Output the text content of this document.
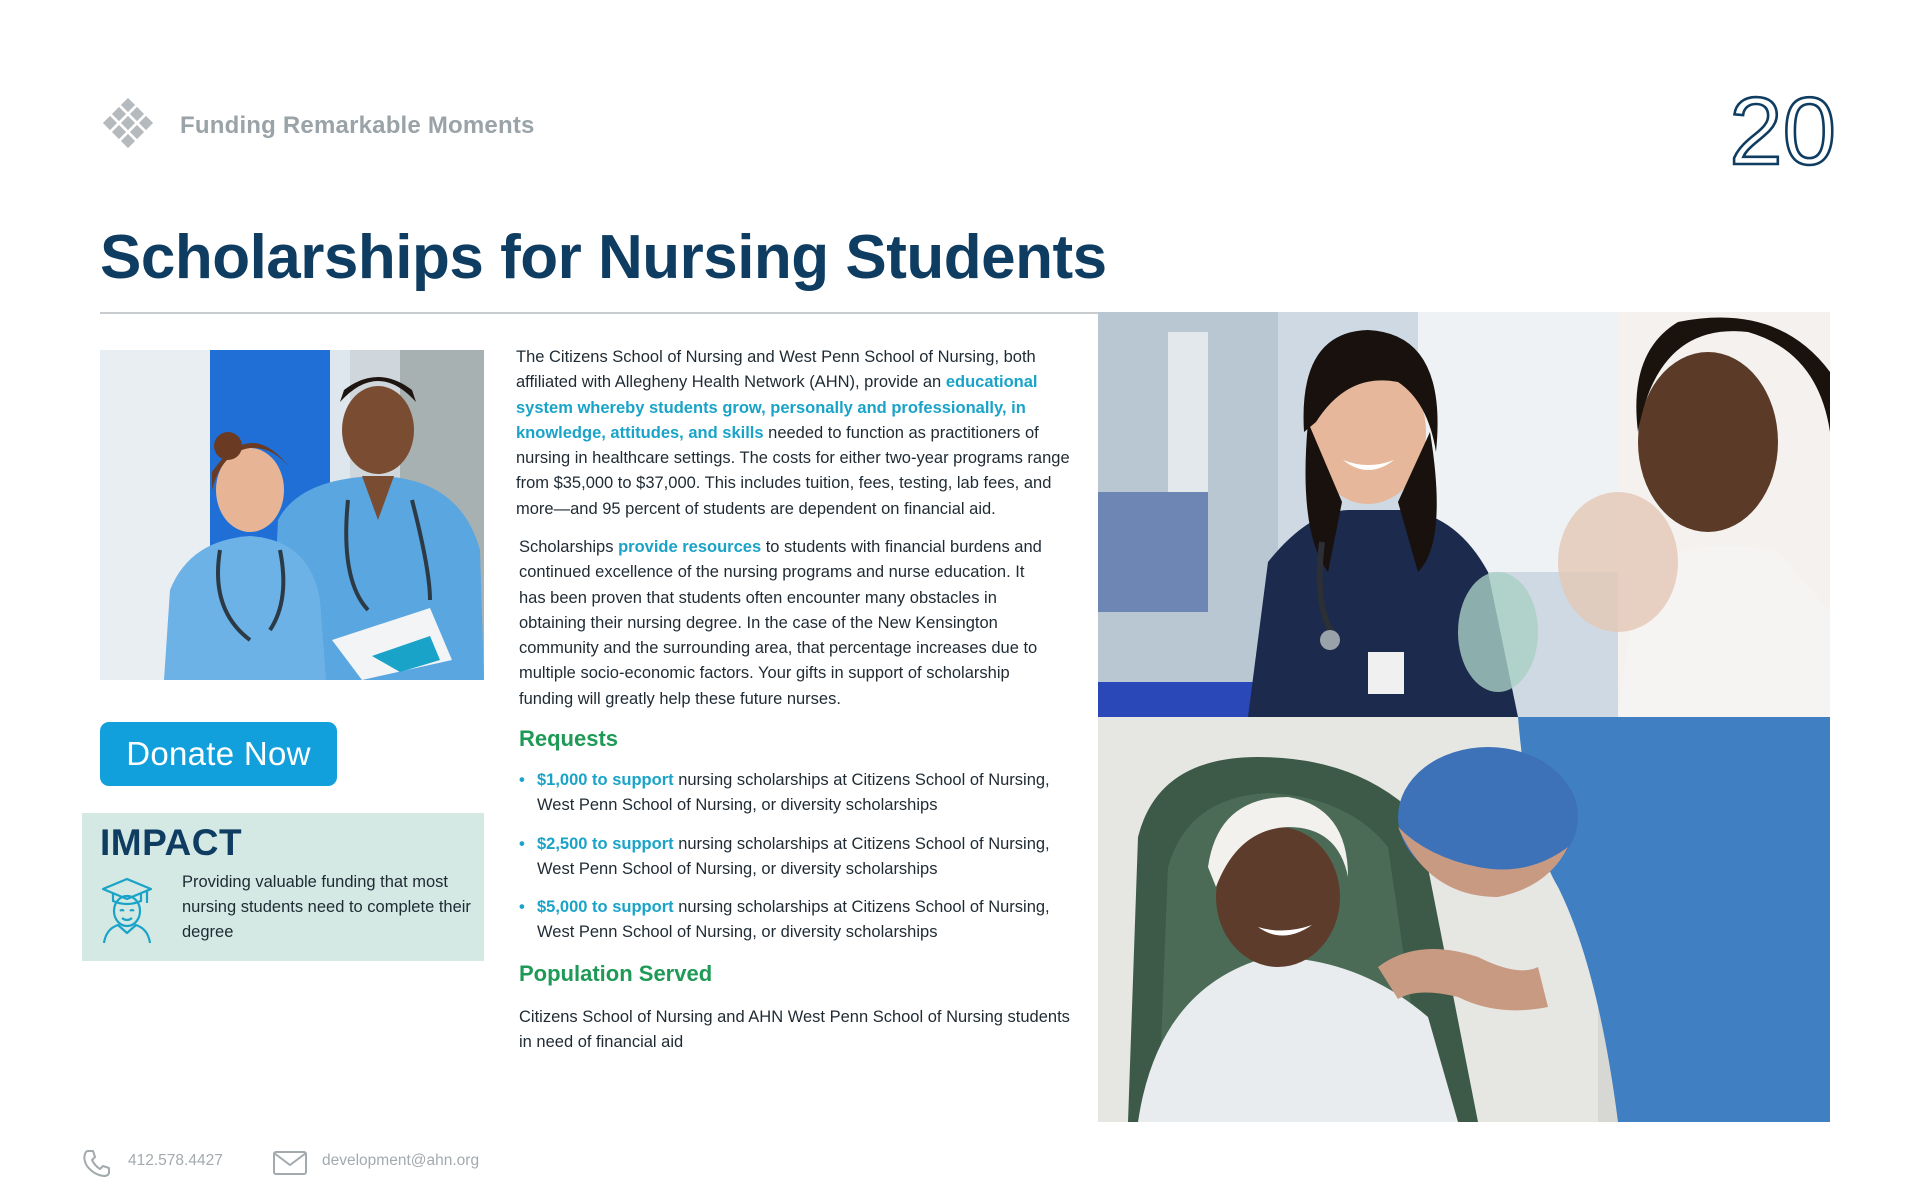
Funding Remarkable Moments	20
Scholarships for Nursing Students
Donate Now
IMPACT
Providing valuable funding that most nursing students need to complete their degree
The Citizens School of Nursing and West Penn School of Nursing, both affiliated with Allegheny Health Network (AHN), provide an educational system whereby students grow, personally and professionally, in knowledge, attitudes, and skills needed to function as practitioners of nursing in healthcare settings. The costs for either two-year programs range from $35,000 to $37,000. This includes tuition, fees, testing, lab fees, and more—and 95 percent of students are dependent on financial aid.
Scholarships provide resources to students with financial burdens and continued excellence of the nursing programs and nurse education. It has been proven that students often encounter many obstacles in obtaining their nursing degree. In the case of the New Kensington community and the surrounding area, that percentage increases due to multiple socio-economic factors. Your gifts in support of scholarship funding will greatly help these future nurses.
Requests
• $1,000 to support nursing scholarships at Citizens School of Nursing, West Penn School of Nursing, or diversity scholarships
• $2,500 to support nursing scholarships at Citizens School of Nursing, West Penn School of Nursing, or diversity scholarships
• $5,000 to support nursing scholarships at Citizens School of Nursing, West Penn School of Nursing, or diversity scholarships
Population Served
Citizens School of Nursing and AHN West Penn School of Nursing students in need of financial aid
412.578.4427	development@ahn.org
